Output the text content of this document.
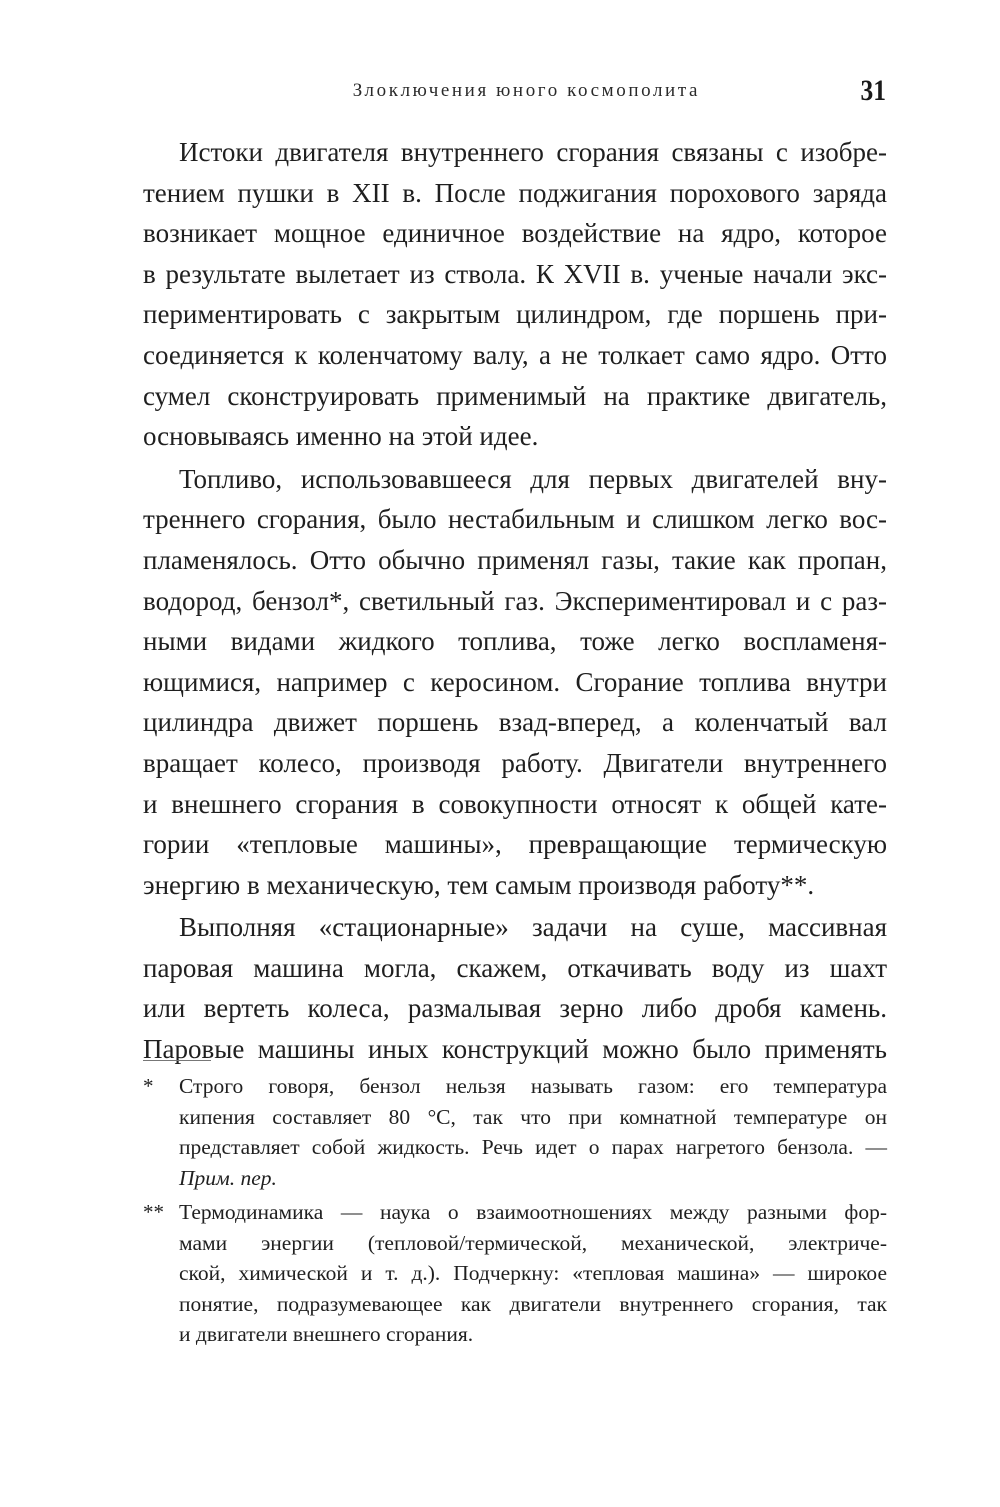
Злоключения юного космополита	31

Истоки двигателя внутреннего сгорания связаны с изобре-
тением пушки в XII в. После поджигания порохового заряда
возникает мощное единичное воздействие на ядро, которое
в результате вылетает из ствола. К XVII в. ученые начали экс-
периментировать с закрытым цилиндром, где поршень при-
соединяется к коленчатому валу, а не толкает само ядро. Отто
сумел сконструировать применимый на практике двигатель,
основываясь именно на этой идее.

Топливо, использовавшееся для первых двигателей вну-
треннего сгорания, было нестабильным и слишком легко вос-
пламенялось. Отто обычно применял газы, такие как пропан,
водород, бензол*, светильный газ. Экспериментировал и с раз-
ными видами жидкого топлива, тоже легко воспламеня-
ющимися, например с керосином. Сгорание топлива внутри
цилиндра движет поршень взад-вперед, а коленчатый вал
вращает колесо, производя работу. Двигатели внутреннего
и внешнего сгорания в совокупности относят к общей кате-
гории «тепловые машины», превращающие термическую
энергию в механическую, тем самым производя работу**.

Выполняя «стационарные» задачи на суше, массивная
паровая машина могла, скажем, откачивать воду из шахт
или вертеть колеса, размалывая зерно либо дробя камень.
Паровые машины иных конструкций можно было применять

* Строго говоря, бензол нельзя называть газом: его температура
кипения составляет 80 °C, так что при комнатной температуре он
представляет собой жидкость. Речь идет о парах нагретого бензола. —
Прим. пер.
** Термодинамика — наука о взаимоотношениях между разными фор-
мами энергии (тепловой/термической, механической, электриче-
ской, химической и т. д.). Подчеркну: «тепловая машина» — широкое
понятие, подразумевающее как двигатели внутреннего сгорания, так
и двигатели внешнего сгорания.
